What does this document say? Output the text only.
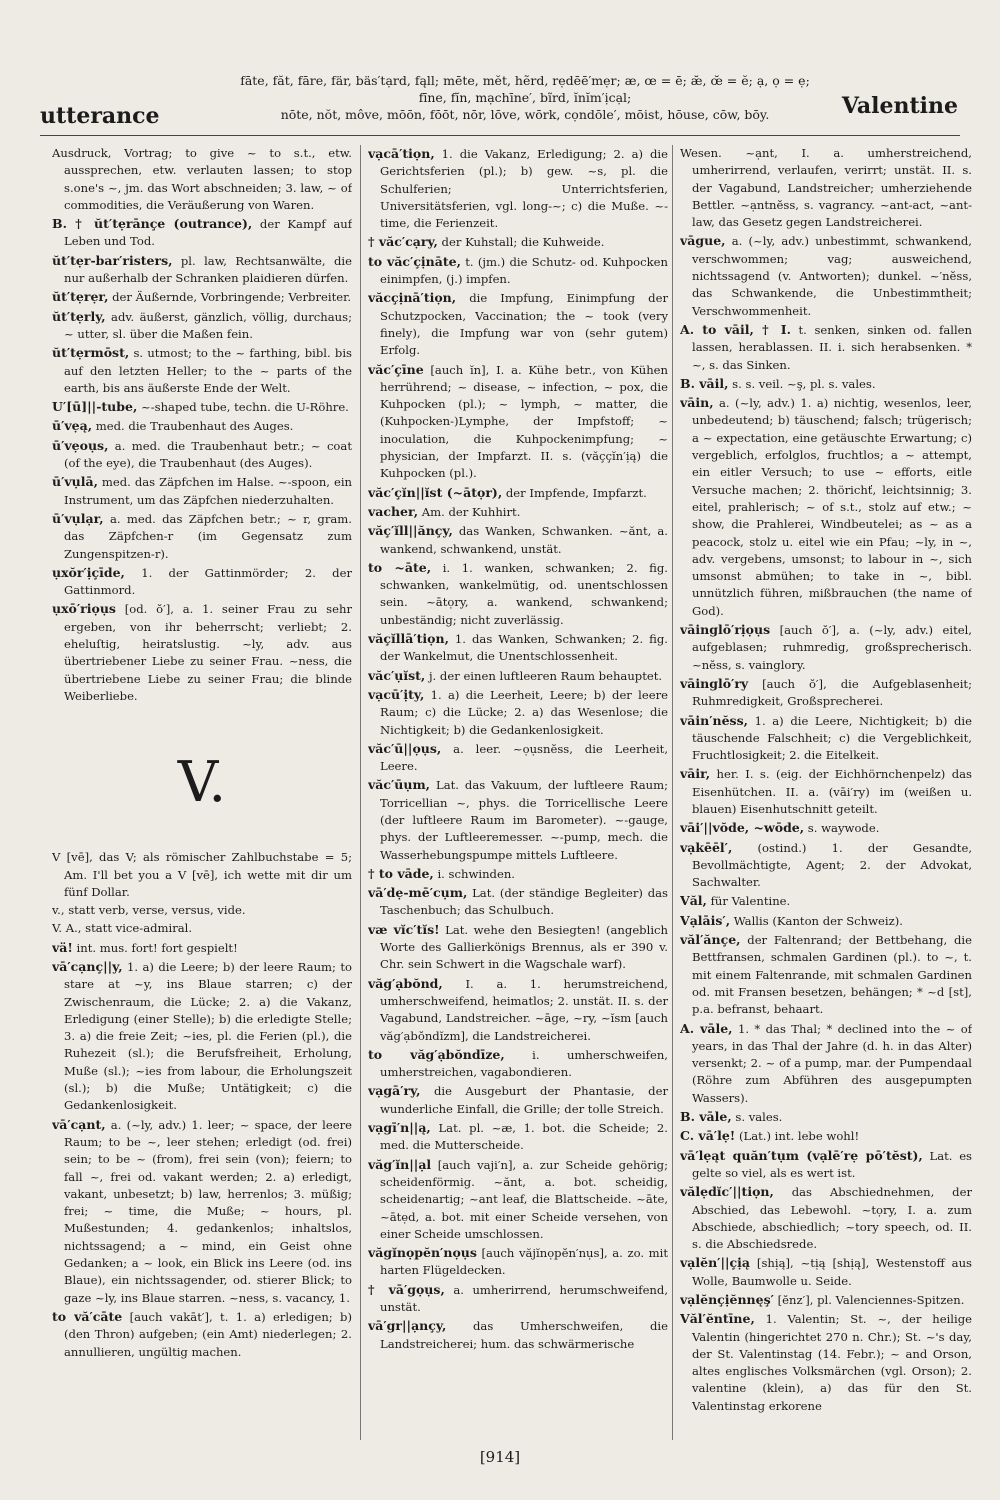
utterance
fāte, făt, fāre, fär, bäs′tạrd, fąll; mēte, mĕt, hẽrd, rẹdēē′mẹr; æ, œ = ē; æ̆, œ̆ = ĕ; ạ, ọ = ẹ;
fīne, fĭn, mạchīne′, bĩrd, ĭnĭm′ịcạl;
nōte, nŏt, môve, mōōn, fōōt, nōr, lōve, wōrk, cọndōle′, mōist, hōuse, cōw, bōy.	Valentine
Ausdruck, Vortrag; to give ~ to s.t., etw. aussprechen, etw. verlauten lassen; to stop s.one's ~, jm. das Wort abschneiden; 3. law, ~ of commodities, die Veräußerung von Waren.
B. † ŭt′tẹrānçe (outrance), der Kampf auf Leben und Tod.
ŭt′tẹr-bar′risters, pl. law, Rechtsanwälte, die nur außerhalb der Schranken plaidieren dürfen.
ŭt′tẹrẹr, der Äußernde, Vorbringende; Verbreiter.
ŭt′tẹrly, adv. äußerst, gänzlich, völlig, durchaus; ~ utter, sl. über die Maßen fein.
ŭt′tẹrmōst, s. utmost; to the ~ farthing, bibl. bis auf den letzten Heller; to the ~ parts of the earth, bis ans äußerste Ende der Welt.
U′[ū]||-tube, ~-shaped tube, techn. die U-Röhre.
ū′vẹą, med. die Traubenhaut des Auges.
ū′vẹoụs, a. med. die Traubenhaut betr.; ~ coat (of the eye), die Traubenhaut (des Auges).
ū′vụlā, med. das Zäpfchen im Halse. ~-spoon, ein Instrument, um das Zäpfchen niederzuhalten.
ū′vụlạr, a. med. das Zäpfchen betr.; ~ r, gram. das Zäpfchen-r (im Gegensatz zum Zungenspitzen-r).
ụxŏr′ịçīde, 1. der Gattinmörder; 2. der Gattinmord.
ụxō′riọụs [od. ŏ′], a. 1. seiner Frau zu sehr ergeben, von ihr beherrscht; verliebt; 2. eheluſtig, heiratslustig. ~ly, adv. aus übertriebener Liebe zu seiner Frau. ~ness, die übertriebene Liebe zu seiner Frau; die blinde Weiberliebe.
V.
V [vē], das V; als römischer Zahlbuchstabe = 5; Am. I'll bet you a V [vē], ich wette mit dir um fünf Dollar.
v., statt verb, verse, versus, vide.
V. A., statt vice-admiral.
vä! int. mus. fort! fort gespielt!
vā′cạnç||y, 1. a) die Leere; b) der leere Raum; to stare at ~y, ins Blaue starren; c) der Zwischenraum, die Lücke; 2. a) die Vakanz, Erledigung (einer Stelle); b) die erledigte Stelle; 3. a) die freie Zeit; ~ies, pl. die Ferien (pl.), die Ruhezeit (sl.); die Berufsfreiheit, Erholung, Muße (sl.); ~ies from labour, die Erholungszeit (sl.); b) die Muße; Untätigkeit; c) die Gedankenlosigkeit.
vā′cạnt, a. (~ly, adv.) 1. leer; ~ space, der leere Raum; to be ~, leer stehen; erledigt (od. frei) sein; to be ~ (from), frei sein (von); feiern; to fall ~, frei od. vakant werden; 2. a) erledigt, vakant, unbesetzt; b) law, herrenlos; 3. müßig; frei; ~ time, die Muße; ~ hours, pl. Mußestunden; 4. gedankenlos; inhaltslos, nichtssagend; a ~ mind, ein Geist ohne Gedanken; a ~ look, ein Blick ins Leere (od. ins Blaue), ein nichtssagender, od. stierer Blick; to gaze ~ly, ins Blaue starren. ~ness, s. vacancy, 1.
to vă′cāte [auch vakāt′], t. 1. a) erledigen; b) (den Thron) aufgeben; (ein Amt) niederlegen; 2. annullieren, ungültig machen.
vạcā′tiọn, 1. die Vakanz, Erledigung; 2. a) die Gerichtsferien (pl.); b) gew. ~s, pl. die Schulferien; Unterrichtsferien, Universitätsferien, vgl. long-~; c) die Muße. ~-time, die Ferienzeit.
† văc′cạry, der Kuhstall; die Kuhweide.
to văc′çịnāte, t. (jm.) die Schutz- od. Kuhpocken einimpfen, (j.) impfen.
văcçịnā′tiọn, die Impfung, Einimpfung der Schutzpocken, Vaccination; the ~ took (very finely), die Impfung war von (sehr gutem) Erfolg.
văc′çīne [auch ĭn], I. a. Kühe betr., von Kühen herrührend; ~ disease, ~ infection, ~ pox, die Kuhpocken (pl.); ~ lymph, ~ matter, die (Kuhpocken-)Lymphe, der Impfstoff; ~ inoculation, die Kuhpockenimpfung; ~ physician, der Impfarzt. II. s. (văççĭn′ịą) die Kuhpocken (pl.).
văc′çĭn||ĭst (~ātọr), der Impfende, Impfarzt.
vacher, Am. der Kuhhirt.
văç′ĭll||ănçy, das Wanken, Schwanken. ~ănt, a. wankend, schwankend, unstät.
to ~āte, i. 1. wanken, schwanken; 2. fig. schwanken, wankelmütig, od. unentschlossen sein. ~ātọry, a. wankend, schwankend; unbeständig; nicht zuverlässig.
văçĭllā′tiọn, 1. das Wanken, Schwanken; 2. fig. der Wankelmut, die Unentschlossenheit.
văc′ụĭst, j. der einen luftleeren Raum behauptet.
vạcū′ịty, 1. a) die Leerheit, Leere; b) der leere Raum; c) die Lücke; 2. a) das Wesenlose; die Nichtigkeit; b) die Gedankenlosigkeit.
văc′ū||ọụs, a. leer. ~ọụsnĕss, die Leerheit, Leere.
văc′ūụm, Lat. das Vakuum, der luftleere Raum; Torricellian ~, phys. die Torricellische Leere (der luftleere Raum im Barometer). ~-gauge, phys. der Luftleeremesser. ~-pump, mech. die Wasserhebungspumpe mittels Luftleere.
† to vāde, i. schwinden.
vā′dẹ-mē′cụm, Lat. (der ständige Begleiter) das Taschenbuch; das Schulbuch.
væ vĭc′tĭs! Lat. wehe den Besiegten! (angeblich Worte des Gallierkönigs Brennus, als er 390 v. Chr. sein Schwert in die Wagschale warf).
văg′ạbŏnd, I. a. 1. herumstreichend, umherschweifend, heimatlos; 2. unstät. II. s. der Vagabund, Landstreicher. ~āge, ~ry, ~ĭsm [auch văg′ạbŏndĭzm], die Landstreicherei.
to văg′ạbŏndīze, i. umherschweifen, umherstreichen, vagabondieren.
vạgā′ry, die Ausgeburt der Phantasie, der wunderliche Einfall, die Grille; der tolle Streich.
vạgī′n||ą, Lat. pl. ~æ, 1. bot. die Scheide; 2. med. die Mutterscheide.
văg′ĭn||ạl [auch vaji′n], a. zur Scheide gehörig; scheidenförmig. ~ănt, a. bot. scheidig, scheidenartig; ~ant leaf, die Blattscheide. ~āte, ~ātẹd, a. bot. mit einer Scheide versehen, von einer Scheide umschlossen.
văgĭnọpĕn′nọụs [auch văjĭnọpĕn′nụs], a. zo. mit harten Flügeldecken.
† vā′gọụs, a. umherirrend, herumschweifend, unstät.
vā′gr||ạnçy, das Umherschweifen, die Landstreicherei; hum. das schwärmerische
Wesen. ~ạnt, I. a. umherstreichend, umherirrend, verlaufen, verirrt; unstät. II. s. der Vagabund, Landstreicher; umherziehende Bettler. ~ạntnĕss, s. vagrancy. ~ant-act, ~ant-law, das Gesetz gegen Landstreicherei.
vāgue, a. (~ly, adv.) unbestimmt, schwankend, verschwommen; vag; ausweichend, nichtssagend (v. Antworten); dunkel. ~′nĕss, das Schwankende, die Unbestimmtheit; Verschwommenheit.
A. to vāil, † I. t. senken, sinken od. fallen lassen, herablassen. II. i. sich herabsenken. * ~, s. das Sinken.
B. vāil, s. s. veil. ~ş, pl. s. vales.
vāin, a. (~ly, adv.) 1. a) nichtig, wesenlos, leer, unbedeutend; b) täuschend; falsch; trügerisch; a ~ expectation, eine getäuschte Erwartung; c) vergeblich, erfolglos, fruchtlos; a ~ attempt, ein eitler Versuch; to use ~ efforts, eitle Versuche machen; 2. thörichť, leichtsinnig; 3. eitel, prahlerisch; ~ of s.t., stolz auf etw.; ~ show, die Prahlerei, Windbeutelei; as ~ as a peacock, stolz u. eitel wie ein Pfau; ~ly, in ~, adv. vergebens, umsonst; to labour in ~, sich umsonst abmühen; to take in ~, bibl. unnützlich führen, mißbrauchen (the name of God).
vāinglō′rịọụs [auch ŏ′], a. (~ly, adv.) eitel, aufgeblasen; ruhmredig, großsprecherisch. ~nĕss, s. vainglory.
vāinglō′ry [auch ŏ′], die Aufgeblasenheit; Ruhmredigkeit, Großsprecherei.
vāin′nĕss, 1. a) die Leere, Nichtigkeit; b) die täuschende Falschheit; c) die Vergeblichkeit, Fruchtlosigkeit; 2. die Eitelkeit.
vāir, her. I. s. (eig. der Eichhörnchenpelz) das Eisenhütchen. II. a. (vāi′ry) im (weißen u. blauen) Eisenhutschnitt geteilt.
vāi′||vŏde, ~wōde, s. waywode.
vạkēēl′, (ostind.) 1. der Gesandte, Bevollmächtigte, Agent; 2. der Advokat, Sachwalter.
Văl, für Valentine.
Vạlāis′, Wallis (Kanton der Schweiz).
văl′ănçe, der Faltenrand; der Bettbehang, die Bettfransen, schmalen Gardinen (pl.). to ~, t. mit einem Faltenrande, mit schmalen Gardinen od. mit Fransen besetzen, behängen; * ~d [st], p.a. befranst, behaart.
A. vāle, 1. * das Thal; * declined into the ~ of years, in das Thal der Jahre (d. h. in das Alter) versenkt; 2. ~ of a pump, mar. der Pumpendaal (Röhre zum Abführen des ausgepumpten Wassers).
B. vāle, s. vales.
C. vā′lẹ! (Lat.) int. lebe wohl!
vā′lẹąt quăn′tụm (vạlē′rẹ pō′tĕst), Lat. es gelte so viel, als es wert ist.
vălẹdĭc′||tiọn, das Abschiednehmen, der Abschied, das Lebewohl. ~tọry, I. a. zum Abschiede, abschiedlich; ~tory speech, od. II. s. die Abschiedsrede.
vạlĕn′||çịą [shịą], ~tịą [shịą], Westenstoff aus Wolle, Baumwolle u. Seide.
vạlĕnçịĕnnęş′ [ĕnz′], pl. Valenciennes-Spitzen.
Văl′ĕntīne, 1. Valentin; St. ~, der heilige Valentin (hingerichtet 270 n. Chr.); St. ~'s day, der St. Valentinstag (14. Febr.); ~ and Orson, altes englisches Volksmärchen (vgl. Orson); 2. valentine (klein), a) das für den St. Valentinstag erkorene
[914]
